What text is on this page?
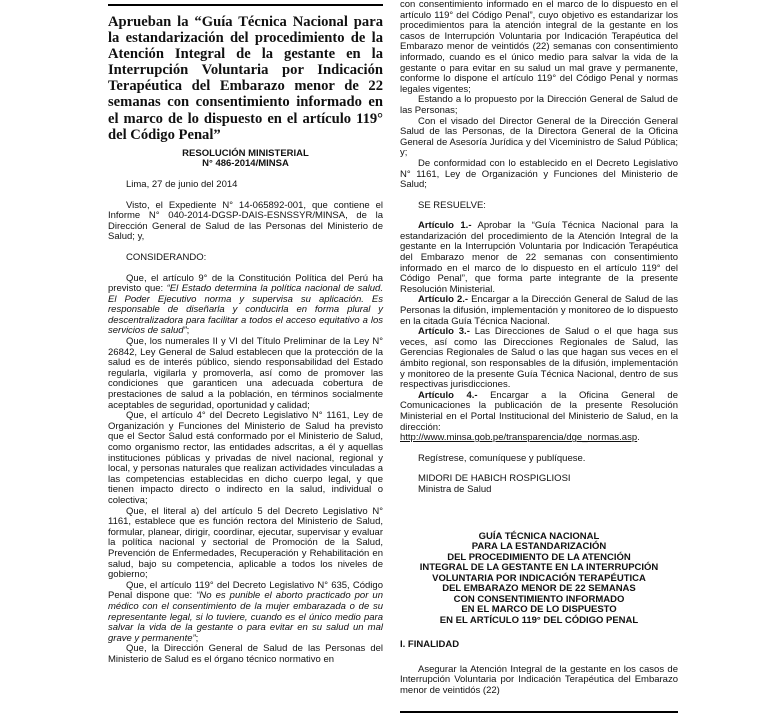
Aprueban la “Guía Técnica Nacional para la estandarización del procedimiento de la Atención Integral de la gestante en la Interrupción Voluntaria por Indicación Terapéutica del Embarazo menor de 22 semanas con consentimiento informado en el marco de lo dispuesto en el artículo 119° del Código Penal”

RESOLUCIÓN MINISTERIAL

N° 486-2014/MINSA

Lima, 27 de junio del 2014

Visto, el Expediente N° 14-065892-001, que contiene el Informe N° 040-2014-DGSP-DAIS-ESNSSYR/MINSA, de la Dirección General de Salud de las Personas del Ministerio de Salud; y,

CONSIDERANDO:

Que, el artículo 9° de la Constitución Política del Perú ha previsto que: “El Estado determina la política nacional de salud. El Poder Ejecutivo norma y supervisa su aplicación. Es responsable de diseñarla y conducirla en forma plural y descentralizadora para facilitar a todos el acceso equitativo a los servicios de salud”;

Que, los numerales II y VI del Título Preliminar de la Ley N° 26842, Ley General de Salud establecen que la protección de la salud es de interés público, siendo responsabilidad del Estado regularla, vigilarla y promoverla, así como de promover las condiciones que garanticen una adecuada cobertura de prestaciones de salud a la población, en términos socialmente aceptables de seguridad, oportunidad y calidad;

Que, el artículo 4° del Decreto Legislativo N° 1161, Ley de Organización y Funciones del Ministerio de Salud ha previsto que el Sector Salud está conformado por el Ministerio de Salud, como organismo rector, las entidades adscritas, a él y aquellas instituciones públicas y privadas de nivel nacional, regional y local, y personas naturales que realizan actividades vinculadas a las competencias establecidas en dicho cuerpo legal, y que tienen impacto directo o indirecto en la salud, individual o colectiva;

Que, el literal a) del artículo 5 del Decreto Legislativo N° 1161, establece que es función rectora del Ministerio de Salud, formular, planear, dirigir, coordinar, ejecutar, supervisar y evaluar la política nacional y sectorial de Promoción de la Salud, Prevención de Enfermedades, Recuperación y Rehabilitación en salud, bajo su competencia, aplicable a todos los niveles de gobierno;

Que, el artículo 119° del Decreto Legislativo N° 635, Código Penal dispone que: “No es punible el aborto practicado por un médico con el consentimiento de la mujer embarazada o de su representante legal, si lo tuviere, cuando es el único medio para salvar la vida de la gestante o para evitar en su salud un mal grave y permanente”;

Que, la Dirección General de Salud de las Personas del Ministerio de Salud es el órgano técnico normativo en

con consentimiento informado en el marco de lo dispuesto en el artículo 119° del Código Penal”, cuyo objetivo es estandarizar los procedimientos para la atención integral de la gestante en los casos de Interrupción Voluntaria por Indicación Terapéutica del Embarazo menor de veintidós (22) semanas con consentimiento informado, cuando es el único medio para salvar la vida de la gestante o para evitar en su salud un mal grave y permanente, conforme lo dispone el artículo 119° del Código Penal y normas legales vigentes;

Estando a lo propuesto por la Dirección General de Salud de las Personas;

Con el visado del Director General de la Dirección General Salud de las Personas, de la Directora General de la Oficina General de Asesoría Jurídica y del Viceministro de Salud Pública; y;

De conformidad con lo establecido en el Decreto Legislativo N° 1161, Ley de Organización y Funciones del Ministerio de Salud;

SE RESUELVE:

Artículo 1.- Aprobar la “Guía Técnica Nacional para la estandarización del procedimiento de la Atención Integral de la gestante en la Interrupción Voluntaria por Indicación Terapéutica del Embarazo menor de 22 semanas con consentimiento informado en el marco de lo dispuesto en el artículo 119° del Código Penal”, que forma parte integrante de la presente Resolución Ministerial.

Artículo 2.- Encargar a la Dirección General de Salud de las Personas la difusión, implementación y monitoreo de lo dispuesto en la citada Guía Técnica Nacional.

Artículo 3.- Las Direcciones de Salud o el que haga sus veces, así como las Direcciones Regionales de Salud, las Gerencias Regionales de Salud o las que hagan sus veces en el ámbito regional, son responsables de la difusión, implementación y monitoreo de la presente Guía Técnica Nacional, dentro de sus respectivas jurisdicciones.

Artículo 4.- Encargar a la Oficina General de Comunicaciones la publicación de la presente Resolución Ministerial en el Portal Institucional del Ministerio de Salud, en la dirección: http://www.minsa.gob.pe/transparencia/dge_normas.asp.

Regístrese, comuníquese y publíquese.

MIDORI DE HABICH ROSPIGLIOSI

Ministra de Salud

GUÍA TÉCNICA NACIONAL

PARA LA ESTANDARIZACIÓN

DEL PROCEDIMIENTO DE LA ATENCIÓN

INTEGRAL DE LA GESTANTE EN LA INTERRUPCIÓN

VOLUNTARIA POR INDICACIÓN TERAPÉUTICA

DEL EMBARAZO MENOR DE 22 SEMANAS

CON CONSENTIMIENTO INFORMADO

EN EL MARCO DE LO DISPUESTO

EN EL ARTÍCULO 119° DEL CÓDIGO PENAL

I. FINALIDAD

Asegurar la Atención Integral de la gestante en los casos de Interrupción Voluntaria por Indicación Terapéutica del Embarazo menor de veintidós (22)
